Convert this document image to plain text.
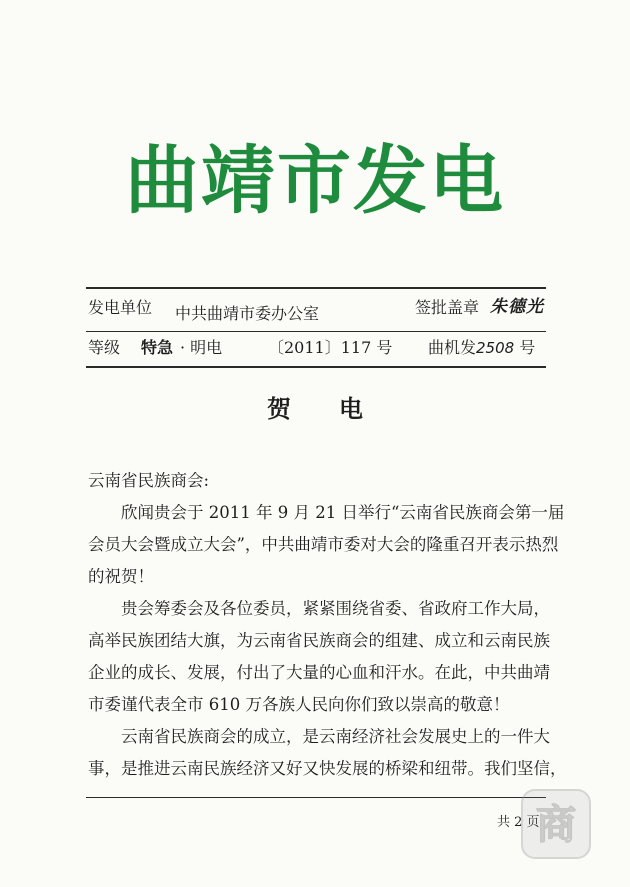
曲靖市发电
发电单位 中共曲靖市委办公室	签批盖章 朱德光
等级 特急 · 明电	〔2011〕117 号 曲机发2508 号
贺　　电
云南省民族商会:
　　欣闻贵会于 2011 年 9 月 21 日举行“云南省民族商会第一届
会员大会暨成立大会”，中共曲靖市委对大会的隆重召开表示热烈
的祝贺！
　　贵会筹委会及各位委员，紧紧围绕省委、省政府工作大局，
高举民族团结大旗，为云南省民族商会的组建、成立和云南民族
企业的成长、发展，付出了大量的心血和汗水。在此，中共曲靖
市委谨代表全市 610 万各族人民向你们致以崇高的敬意！
　　云南省民族商会的成立，是云南经济社会发展史上的一件大
事，是推进云南民族经济又好又快发展的桥梁和纽带。我们坚信，
共 2 页
商
